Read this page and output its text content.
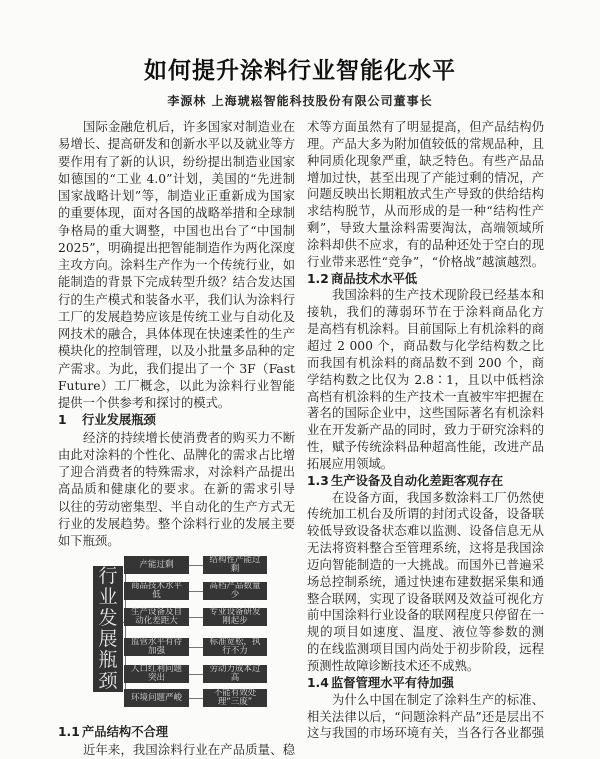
如何提升涂料行业智能化水平
李源林 上海琥崧智能科技股份有限公司董事长
国际金融危机后，许多国家对制造业在
易增长、提高研发和创新水平以及就业等方
要作用有了新的认识，纷纷提出制造业国家
如德国的“工业 4.0”计划，美国的“先进制
国家战略计划”等，制造业正重新成为国家
的重要体现，面对各国的战略举措和全球制
争格局的重大调整，中国也出台了“中国制
2025”，明确提出把智能制造作为两化深度
主攻方向。涂料生产作为一个传统行业，如
能制造的背景下完成转型升级？结合发达国
行的生产模式和装备水平，我们认为涂料行
工厂的发展趋势应该是传统工业与自动化及
网技术的融合，具体体现在快速柔性的生产
模块化的控制管理，以及小批量多品种的定
产需求。为此，我们提出了一个 3F（Fast
Future）工厂概念，以此为涂料行业智能
提供一个供参考和探讨的模式。
1 行业发展瓶颈
经济的持续增长使消费者的购买力不断
由此对涂料的个性化、品牌化的需求占比增
了迎合消费者的特殊需求，对涂料产品提出
高品质和健康化的要求。在新的需求引导
以往的劳动密集型、半自动化的生产方式无
行业的发展趋势。整个涂料行业的发展主要
如下瓶颈。
行
业
发
展
瓶
颈
产能过剩	结构性产能过剩
商品技术水平低
高档产品数量少
生产设备及自动化差距大
专业设备研发刚起步
监管水平有待加强
标准宽松，执行不力
人口红利问题突出
劳动力成本过高
环境问题严峻	不能有效处理“三废”
1.1 产品结构不合理
近年来，我国涂料行业在产品质量、稳
术等方面虽然有了明显提高，但产品结构仍
理。产品大多为附加值较低的常规品种，且
种同质化现象严重，缺乏特色。有些产品品
增加过快，甚至出现了产能过剩的情况，产
问题反映出长期粗放式生产导致的供给结构
求结构脱节，从而形成的是一种“结构性产
剩”，导致大量涂料需要淘汰，高端领域所
涂料却供不应求，有的品种还处于空白的现
行业带来恶性“竞争”，“价格战”越演越烈。
1.2 商品技术水平低
我国涂料的生产技术现阶段已经基本和
接轨，我们的薄弱环节在于涂料商品化方
是高档有机涂料。目前国际上有机涂料的商
超过 2 000 个，商品数与化学结构数之比
而我国有机涂料的商品数不到 200 个，商
学结构数之比仅为 2.8∶1，且以中低档涂
高档有机涂料的生产技术一直被牢牢把握在
著名的国际企业中，这些国际著名有机涂料
业在开发新产品的同时，致力于研究涂料的
性，赋予传统涂料品种超高性能，改进产品
拓展应用领域。
1.3 生产设备及自动化差距客观存在
在设备方面，我国多数涂料工厂仍然使
传统加工机台及所谓的封闭式设备，设备联
较低导致设备状态难以监测、设备信息无从
无法将资料整合至管理系统，这将是我国涂
迈向智能制造的一大挑战。而国外已普遍采
场总控制系统，通过快速布建数据采集和通
整合联网，实现了设备联网及效益可视化方
前中国涂料行业设备的联网程度只停留在一
规的项目如速度、温度、液位等参数的测
的在线监测项目国内尚处于初步阶段，远程
预测性故障诊断技术还不成熟。
1.4 监督管理水平有待加强
为什么中国在制定了涂料生产的标准、
相关法律以后，“问题涂料产品”还是层出不
这与我国的市场环境有关，当各行各业都强
